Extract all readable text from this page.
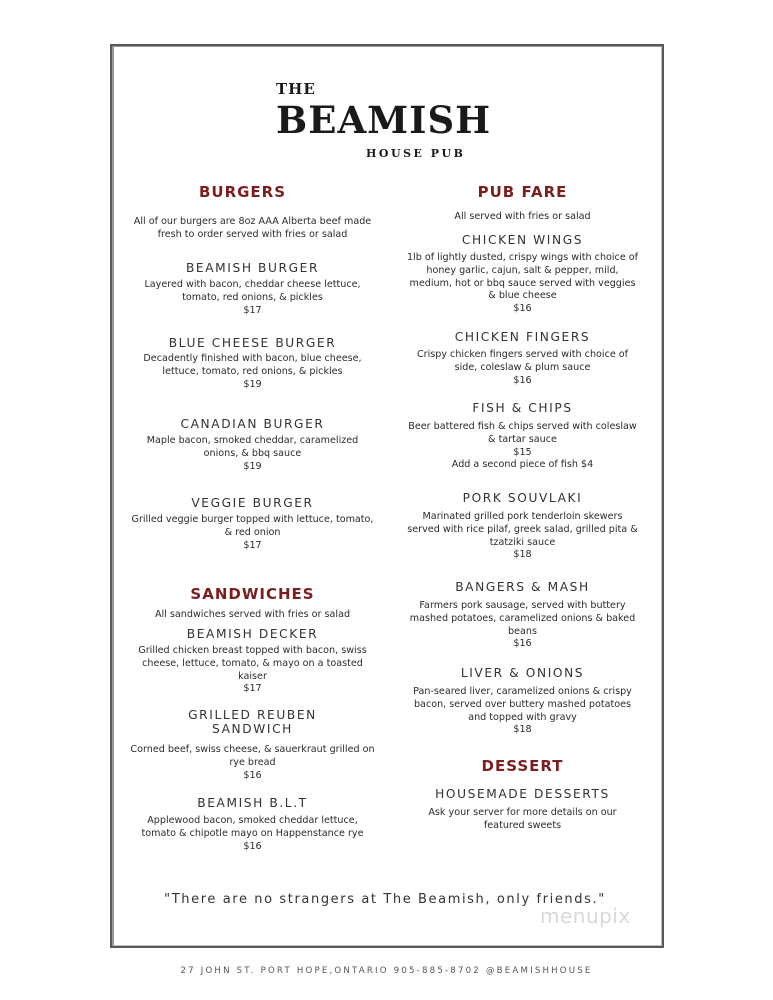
THE
BEAMISH
HOUSE PUB
BURGERS
All of our burgers are 8oz AAA Alberta beef made fresh to order served with fries or salad
BEAMISH BURGER
Layered with bacon, cheddar cheese lettuce, tomato, red onions, & pickles
$17
BLUE CHEESE BURGER
Decadently finished with bacon, blue cheese, lettuce, tomato, red onions, & pickles
$19
CANADIAN BURGER
Maple bacon, smoked cheddar, caramelized onions, & bbq sauce
$19
VEGGIE BURGER
Grilled veggie burger topped with lettuce, tomato, & red onion
$17
SANDWICHES
All sandwiches served with fries or salad
BEAMISH DECKER
Grilled chicken breast topped with bacon, swiss cheese, lettuce, tomato, & mayo on a toasted kaiser
$17
GRILLED REUBEN SANDWICH
Corned beef, swiss cheese, & sauerkraut grilled on rye bread
$16
BEAMISH B.L.T
Applewood bacon, smoked cheddar lettuce, tomato & chipotle mayo on Happenstance rye
$16
PUB FARE
All served with fries or salad
CHICKEN WINGS
1lb of lightly dusted, crispy wings with choice of honey garlic, cajun, salt & pepper, mild, medium, hot or bbq sauce served with veggies & blue cheese
$16
CHICKEN FINGERS
Crispy chicken fingers served with choice of side, coleslaw & plum sauce
$16
FISH & CHIPS
Beer battered fish & chips served with coleslaw & tartar sauce
$15
Add a second piece of fish $4
PORK SOUVLAKI
Marinated grilled pork tenderloin skewers served with rice pilaf, greek salad, grilled pita & tzatziki sauce
$18
BANGERS & MASH
Farmers pork sausage, served with buttery mashed potatoes, caramelized onions & baked beans
$16
LIVER & ONIONS
Pan-seared liver, caramelized onions & crispy bacon, served over buttery mashed potatoes and topped with gravy
$18
DESSERT
HOUSEMADE DESSERTS
Ask your server for more details on our featured sweets
"There are no strangers at The Beamish, only friends."
menupix
27 JOHN ST. PORT HOPE,ONTARIO 905-885-8702 @BEAMISHHOUSE
